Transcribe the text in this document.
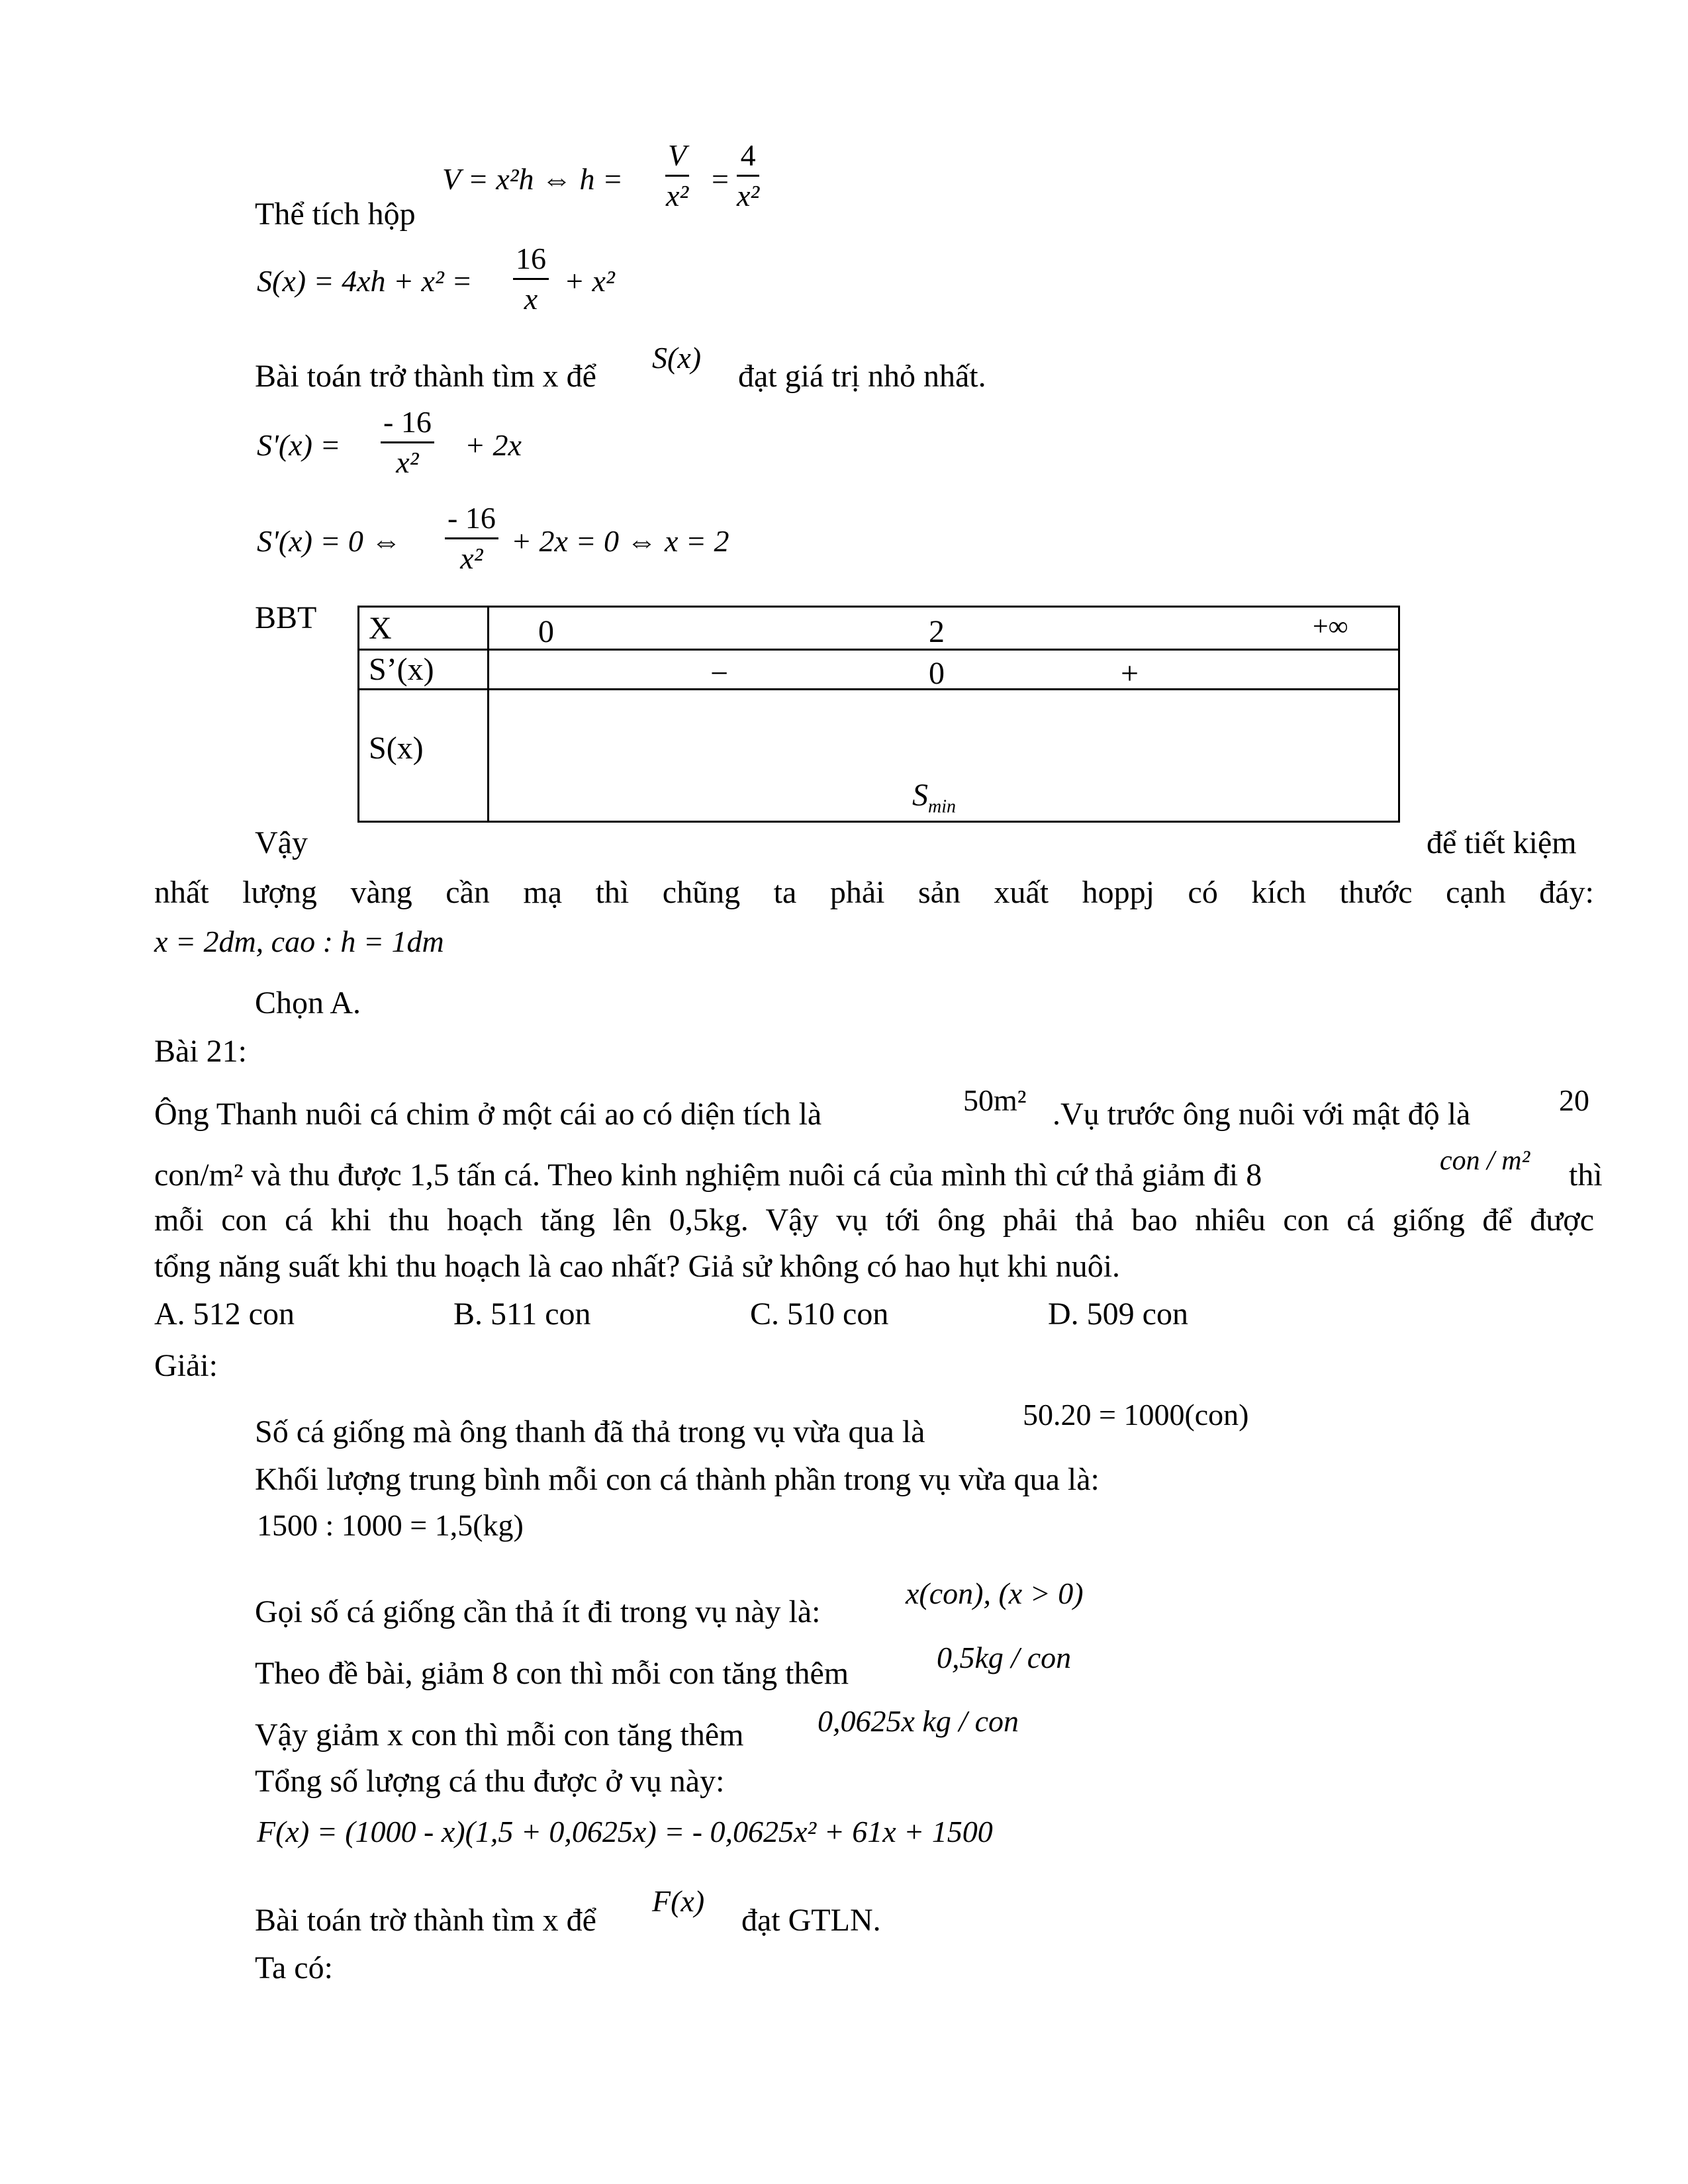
V = x²h ⇔ $h = \frac{V}{\text{x²}} = \frac{4}{\text{x²}}$
Thể tích hộp
$S(x) = 4xh + x^2 = \frac{16}{x} + x^2$
Bài toán trở thành tìm x để
S(x)
đạt giá trị nhỏ nhất.
$S'(x) = \frac{- 16}{\text{x²}} + 2x$
S'(x) = 0 ⇔ $\frac{- 16}{\text{x²}} + 2x = 0$ ⇔ x = 2
BBT X	0 2 +∞

S’(x)	− 0 +

S(x)	$S_{min}$
Vậy	để tiết kiệm
nhất lượng vàng cần mạ thì chũng ta phải sản xuất hoppj có kích thước cạnh đáy:
x = 2dm, cao : h = 1dm
Chọn A.
Bài 21:
Ông Thanh nuôi cá chim ở một cái ao có diện tích là	50m² .Vụ trước ông nuôi với mật độ là	20
con/m² và thu được 1,5 tấn cá. Theo kinh nghiệm nuôi cá của mình thì cứ thả giảm đi 8	con / m² thì
mỗi con cá khi thu hoạch tăng lên 0,5kg. Vậy vụ tới ông phải thả bao nhiêu con cá giống để được
tổng năng suất khi thu hoạch là cao nhất? Giả sử không có hao hụt khi nuôi.
A. 512 con	B. 511 con	C. 510 con	D. 509 con
Giải:
Số cá giống mà ông thanh đã thả trong vụ vừa qua là	50.20 = 1000(con)
Khối lượng trung bình mỗi con cá thành phần trong vụ vừa qua là:
1500 : 1000 = 1,5(kg)
Gọi số cá giống cần thả ít đi trong vụ này là:
x(con), (x > 0)
Theo đề bài, giảm 8 con thì mỗi con tăng thêm	0,5kg / con
Vậy giảm x con thì mỗi con tăng thêm 0,0625x kg / con
Tổng số lượng cá thu được ở vụ này:
F(x) = (1000 - x)(1,5 + 0,0625x) = - 0,0625x² + 61x + 1500
Bài toán trờ thành tìm x để
F(x)
đạt GTLN.
Ta có:
